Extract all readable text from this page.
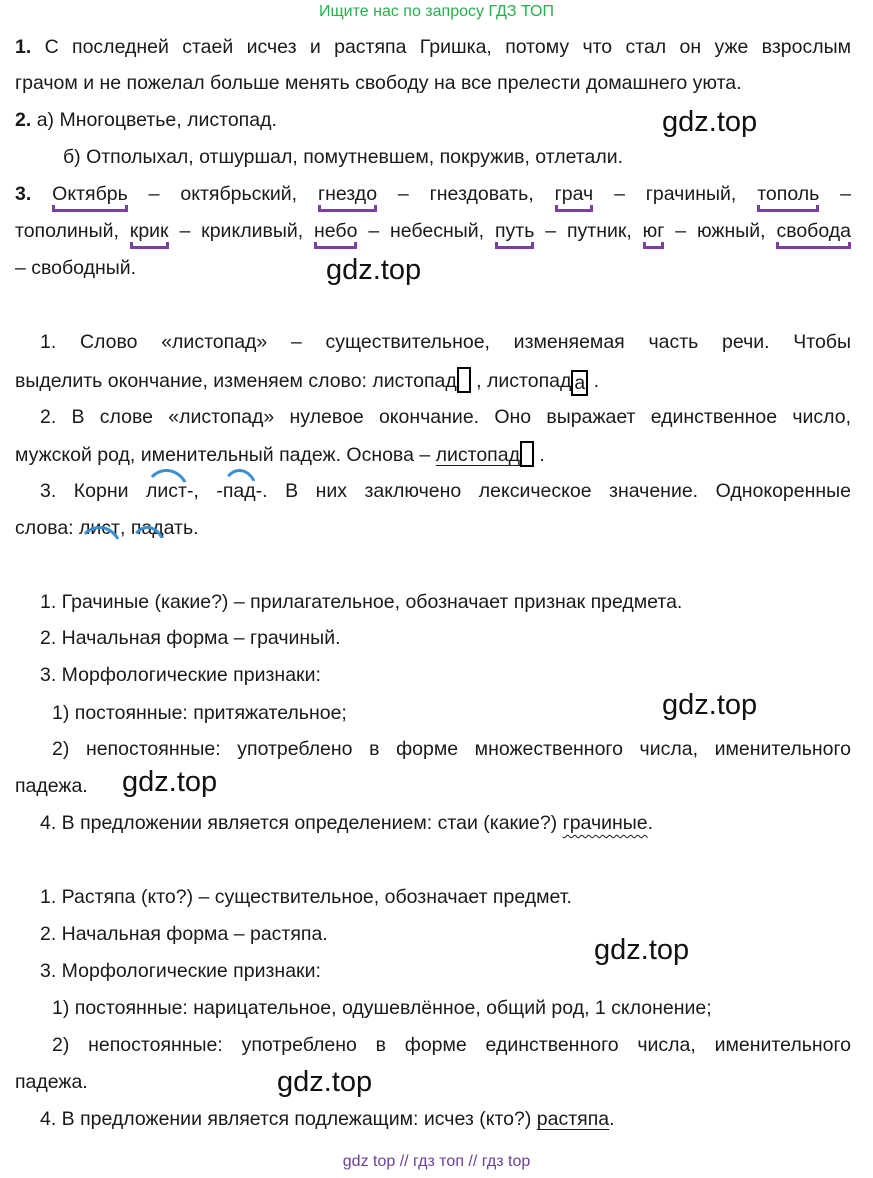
Ищите нас по запросу ГДЗ ТОП
1. С последней стаей исчез и растяпа Гришка, потому что стал он уже взрослым
грачом и не пожелал больше менять свободу на все прелести домашнего уюта.
2. а) Многоцветье, листопад.
б) Отполыхал, отшуршал, помутневшем, покружив, отлетали.
3. Октябрь – октябрьский, гнездо – гнездовать, грач – грачиный, тополь –
тополиный, крик – крикливый, небо – небесный, путь – путник, юг – южный, свобода
– свободный.
1. Слово «листопад» – существительное, изменяемая часть речи. Чтобы
выделить окончание, изменяем слово: листопад , листопад а .
2. В слове «листопад» нулевое окончание. Оно выражает единственное число,
мужской род, именительный падеж. Основа – листопад .
3. Корни лист-, -пад-. В них заключено лексическое значение. Однокоренные
слова: лист, падать.
1. Грачиные (какие?) – прилагательное, обозначает признак предмета.
2. Начальная форма – грачиный.
3. Морфологические признаки:
1) постоянные: притяжательное;
2) непостоянные: употреблено в форме множественного числа, именительного
падежа.
4. В предложении является определением: стаи (какие?) грачиные.
1. Растяпа (кто?) – существительное, обозначает предмет.
2. Начальная форма – растяпа.
3. Морфологические признаки:
1) постоянные: нарицательное, одушевлённое, общий род, 1 склонение;
2) непостоянные: употреблено в форме единственного числа, именительного
падежа.
4. В предложении является подлежащим: исчез (кто?) растяпа.
gdz.top
gdz.top
gdz.top
gdz.top
gdz.top
gdz.top
gdz top // гдз топ // гдз top
